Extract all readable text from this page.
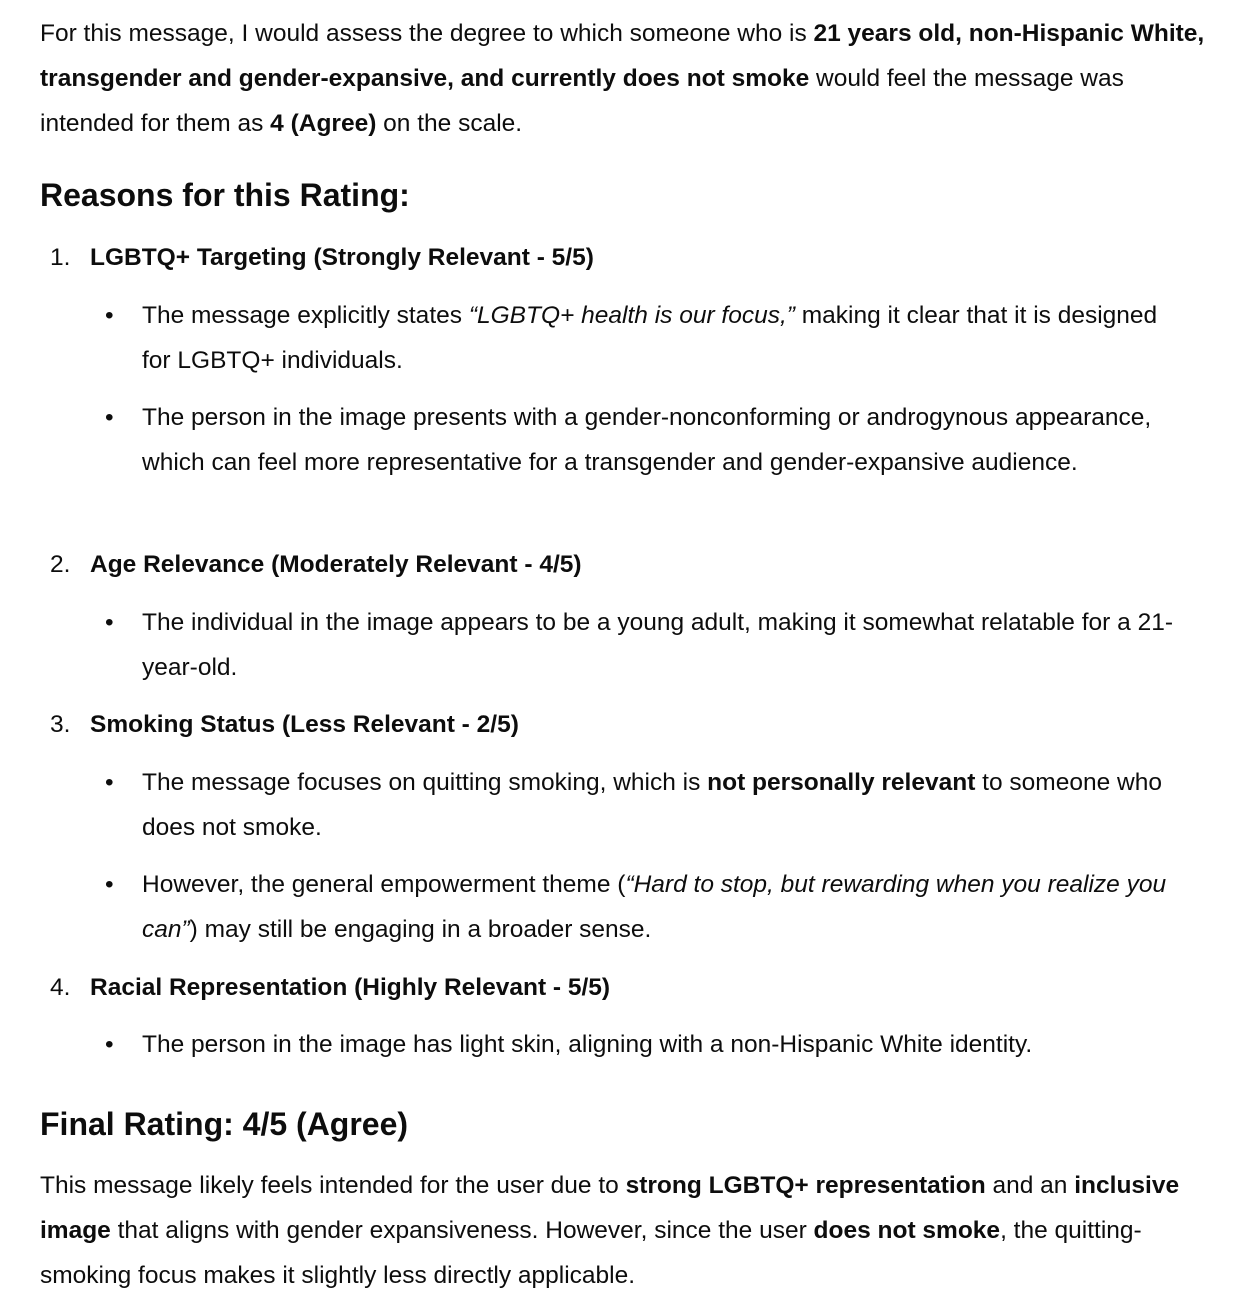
For this message, I would assess the degree to which someone who is 21 years old, non-Hispanic White, transgender and gender-expansive, and currently does not smoke would feel the message was intended for them as 4 (Agree) on the scale.

Reasons for this Rating:
1. LGBTQ+ Targeting (Strongly Relevant - 5/5)
•	The message explicitly states “LGBTQ+ health is our focus,” making it clear that it is designed for LGBTQ+ individuals.
•	The person in the image presents with a gender-nonconforming or androgynous appearance, which can feel more representative for a transgender and gender-expansive audience.
2. Age Relevance (Moderately Relevant - 4/5)
•	The individual in the image appears to be a young adult, making it somewhat relatable for a 21-year-old.
3. Smoking Status (Less Relevant - 2/5)
•	The message focuses on quitting smoking, which is not personally relevant to someone who does not smoke.
•	However, the general empowerment theme (“Hard to stop, but rewarding when you realize you can”) may still be engaging in a broader sense.
4. Racial Representation (Highly Relevant - 5/5)
•	The person in the image has light skin, aligning with a non-Hispanic White identity.
Final Rating: 4/5 (Agree)

This message likely feels intended for the user due to strong LGBTQ+ representation and an inclusive image that aligns with gender expansiveness. However, since the user does not smoke, the quitting-smoking focus makes it slightly less directly applicable.
